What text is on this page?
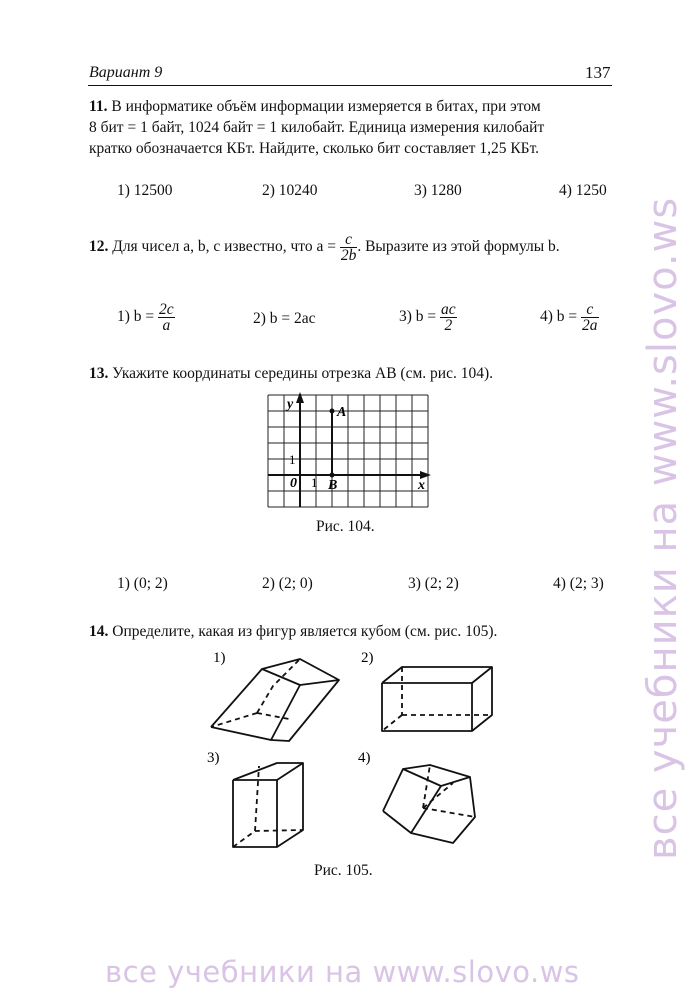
Вариант 9	137
11. В информатике объём информации измеряется в битах, при этом
8 бит = 1 байт, 1024 байт = 1 килобайт. Единица измерения килобайт
кратко обозначается КБт. Найдите, сколько бит составляет 1,25 КБт.
1) 12500	2) 10240	3) 1280	4) 1250
12. Для чисел a, b, c известно, что $a = \frac{c}{2b}$ . Выразите из этой формулы b.
1) $b = \frac{2c}{a}$	2) b = 2ac	3) $b = \frac{ac}{2}$	4) $b = \frac{c}{2a}$
13. Укажите координаты середины отрезка AB (см. рис. 104).
y
x
0 1
1
A
B
Рис. 104.
1) (0; 2)	2) (2; 0)	3) (2; 2)	4) (2; 3)
14. Определите, какая из фигур является кубом (см. рис. 105).
1)	2)
3)	4)
Рис. 105.
все учебники на www.slovo.ws
все учебники на www.slovo.ws
